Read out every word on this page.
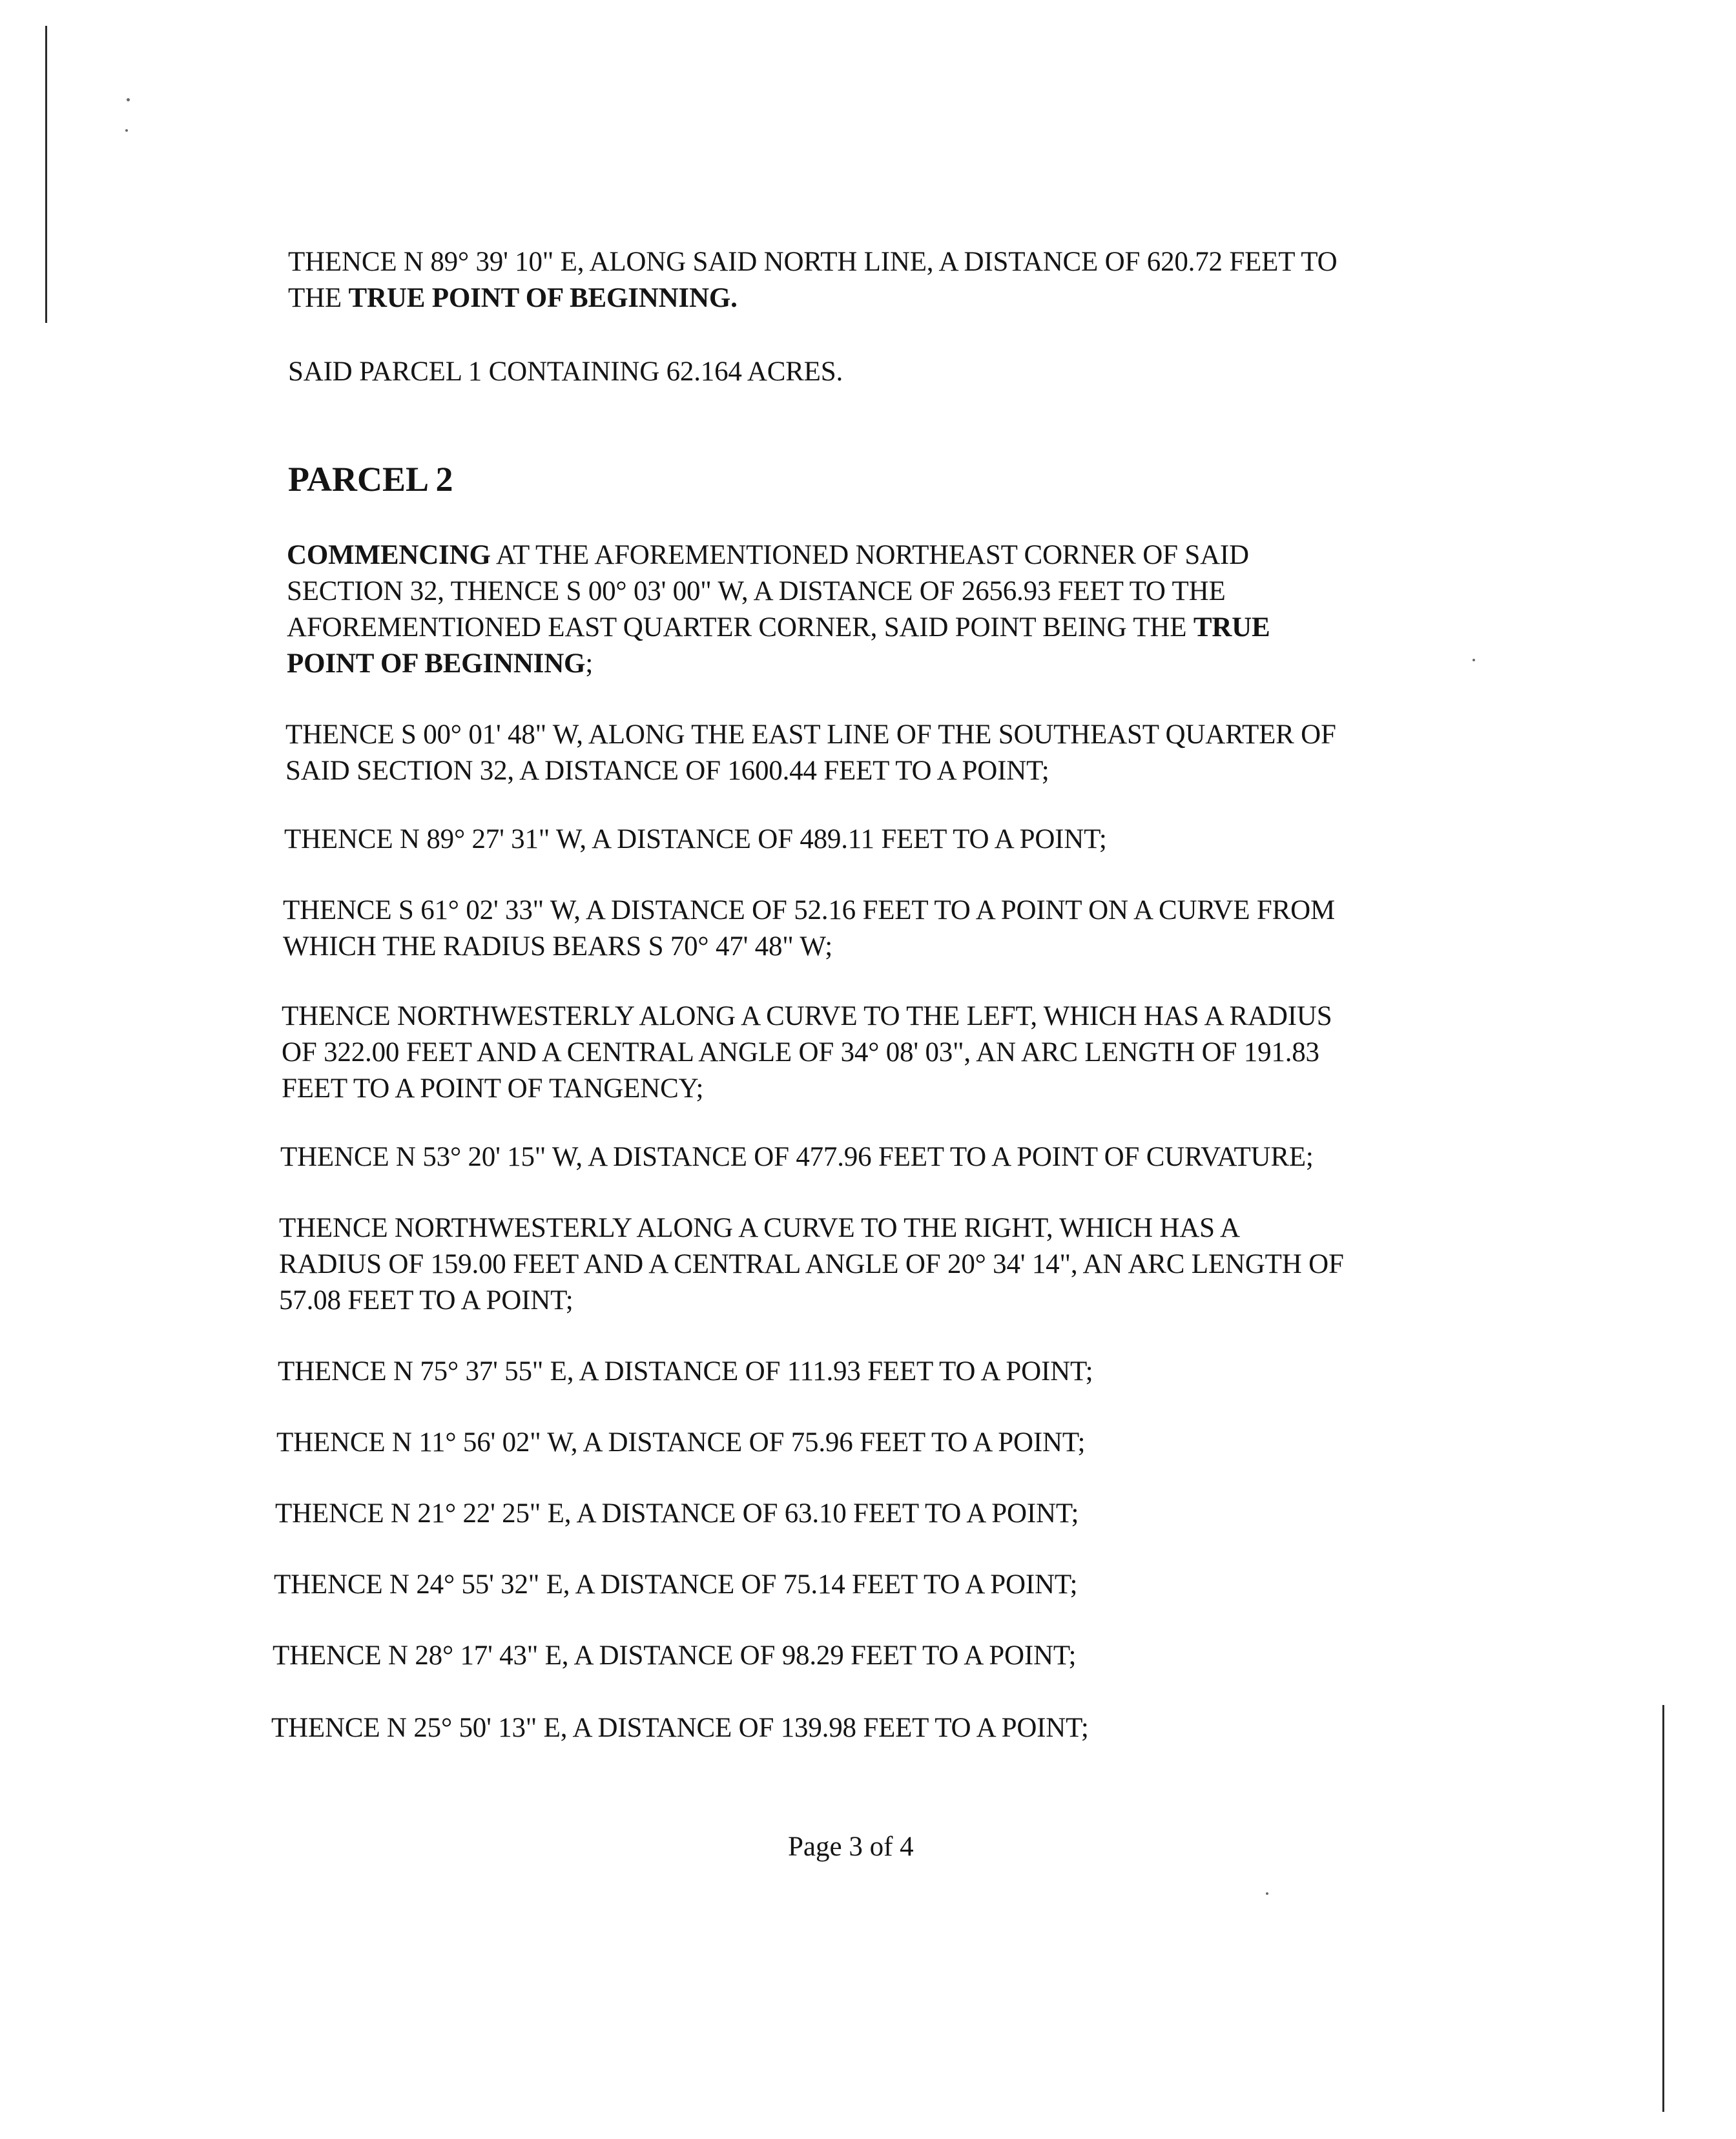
THENCE N 89° 39' 10" E, ALONG SAID NORTH LINE, A DISTANCE OF 620.72 FEET TO
THE TRUE POINT OF BEGINNING.
SAID PARCEL 1 CONTAINING 62.164 ACRES.
PARCEL 2
COMMENCING AT THE AFOREMENTIONED NORTHEAST CORNER OF SAID
SECTION 32, THENCE S 00° 03' 00" W, A DISTANCE OF 2656.93 FEET TO THE
AFOREMENTIONED EAST QUARTER CORNER, SAID POINT BEING THE TRUE
POINT OF BEGINNING;
THENCE S 00° 01' 48" W, ALONG THE EAST LINE OF THE SOUTHEAST QUARTER OF
SAID SECTION 32, A DISTANCE OF 1600.44 FEET TO A POINT;
THENCE N 89° 27' 31" W, A DISTANCE OF 489.11 FEET TO A POINT;
THENCE S 61° 02' 33" W, A DISTANCE OF 52.16 FEET TO A POINT ON A CURVE FROM
WHICH THE RADIUS BEARS S 70° 47' 48" W;
THENCE NORTHWESTERLY ALONG A CURVE TO THE LEFT, WHICH HAS A RADIUS
OF 322.00 FEET AND A CENTRAL ANGLE OF 34° 08' 03", AN ARC LENGTH OF 191.83
FEET TO A POINT OF TANGENCY;
THENCE N 53° 20' 15" W, A DISTANCE OF 477.96 FEET TO A POINT OF CURVATURE;
THENCE NORTHWESTERLY ALONG A CURVE TO THE RIGHT, WHICH HAS A
RADIUS OF 159.00 FEET AND A CENTRAL ANGLE OF 20° 34' 14", AN ARC LENGTH OF
57.08 FEET TO A POINT;
THENCE N 75° 37' 55" E, A DISTANCE OF 111.93 FEET TO A POINT;
THENCE N 11° 56' 02" W, A DISTANCE OF 75.96 FEET TO A POINT;
THENCE N 21° 22' 25" E, A DISTANCE OF 63.10 FEET TO A POINT;
THENCE N 24° 55' 32" E, A DISTANCE OF 75.14 FEET TO A POINT;
THENCE N 28° 17' 43" E, A DISTANCE OF 98.29 FEET TO A POINT;
THENCE N 25° 50' 13" E, A DISTANCE OF 139.98 FEET TO A POINT;
Page 3 of 4
